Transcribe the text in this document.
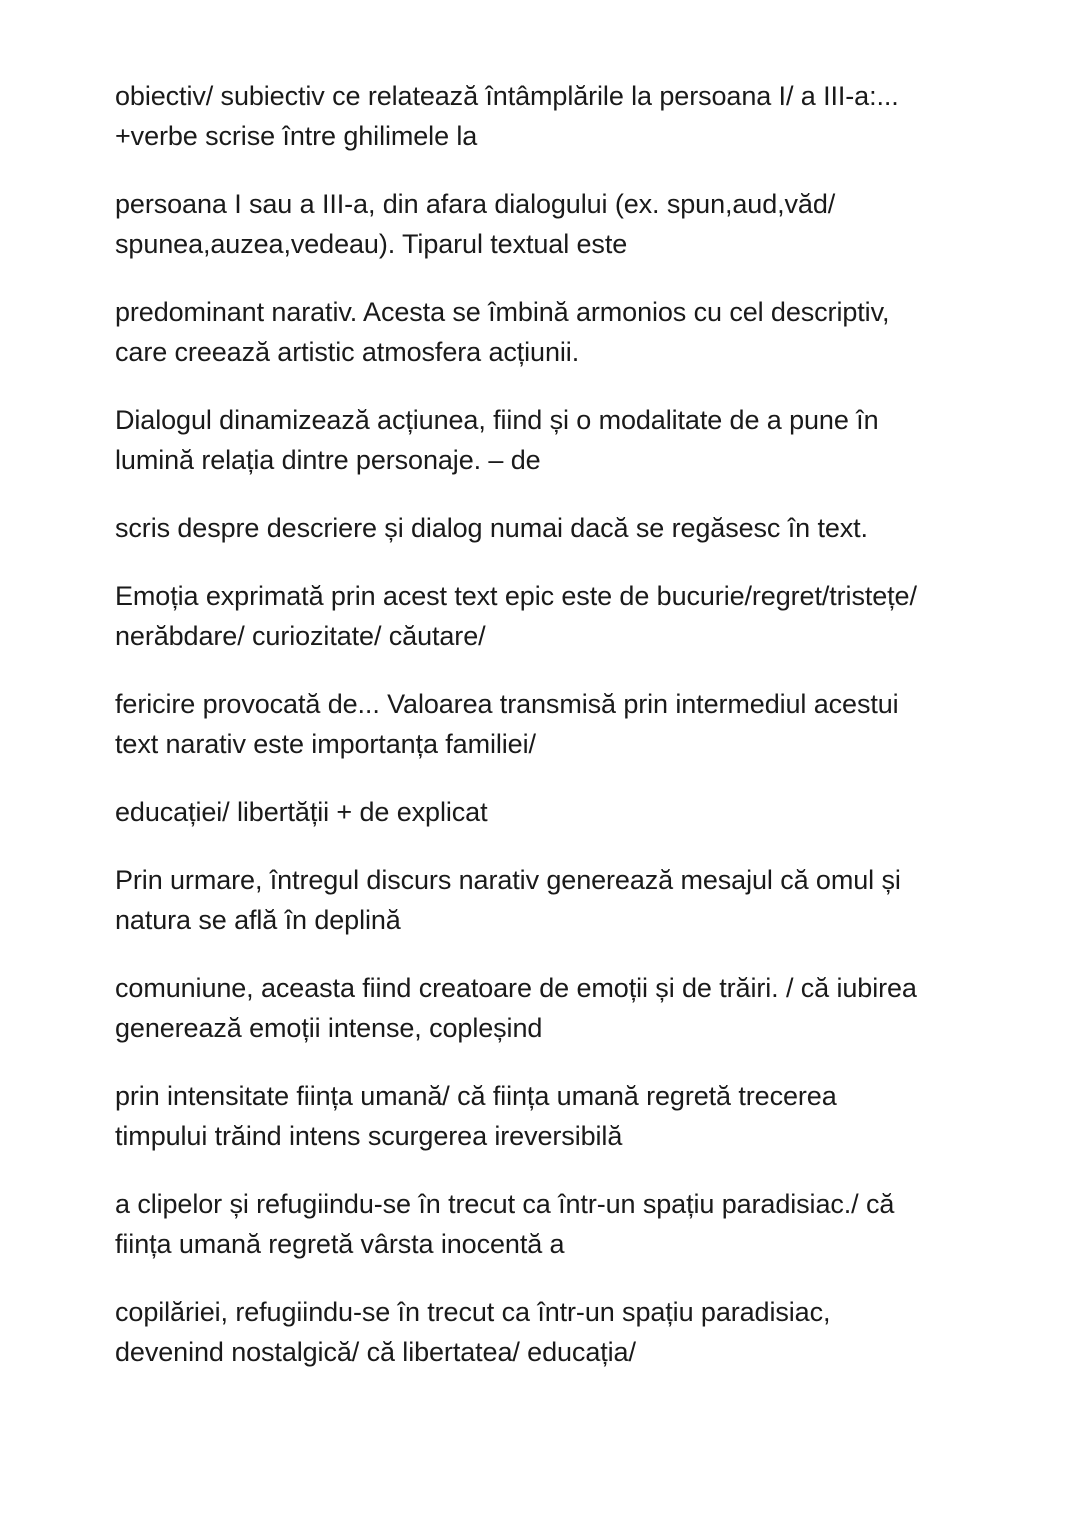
obiectiv/ subiectiv ce relatează întâmplările la persoana I/ a III-a:...
+verbe scrise între ghilimele la

persoana I sau a III-a, din afara dialogului (ex. spun,aud,văd/
spunea,auzea,vedeau). Tiparul textual este

predominant narativ. Acesta se îmbină armonios cu cel descriptiv,
care creează artistic atmosfera acțiunii.

Dialogul dinamizează acțiunea, fiind și o modalitate de a pune în
lumină relația dintre personaje. – de

scris despre descriere și dialog numai dacă se regăsesc în text.

Emoția exprimată prin acest text epic este de bucurie/regret/tristețe/
nerăbdare/ curiozitate/ căutare/

fericire provocată de... Valoarea transmisă prin intermediul acestui
text narativ este importanța familiei/

educației/ libertății + de explicat

Prin urmare, întregul discurs narativ generează mesajul că omul și
natura se află în deplină

comuniune, aceasta fiind creatoare de emoții și de trăiri. / că iubirea
generează emoții intense, copleșind

prin intensitate ființa umană/ că ființa umană regretă trecerea
timpului trăind intens scurgerea ireversibilă

a clipelor și refugiindu-se în trecut ca într-un spațiu paradisiac./ că
ființa umană regretă vârsta inocentă a

copilăriei, refugiindu-se în trecut ca într-un spațiu paradisiac,
devenind nostalgică/ că libertatea/ educația/
